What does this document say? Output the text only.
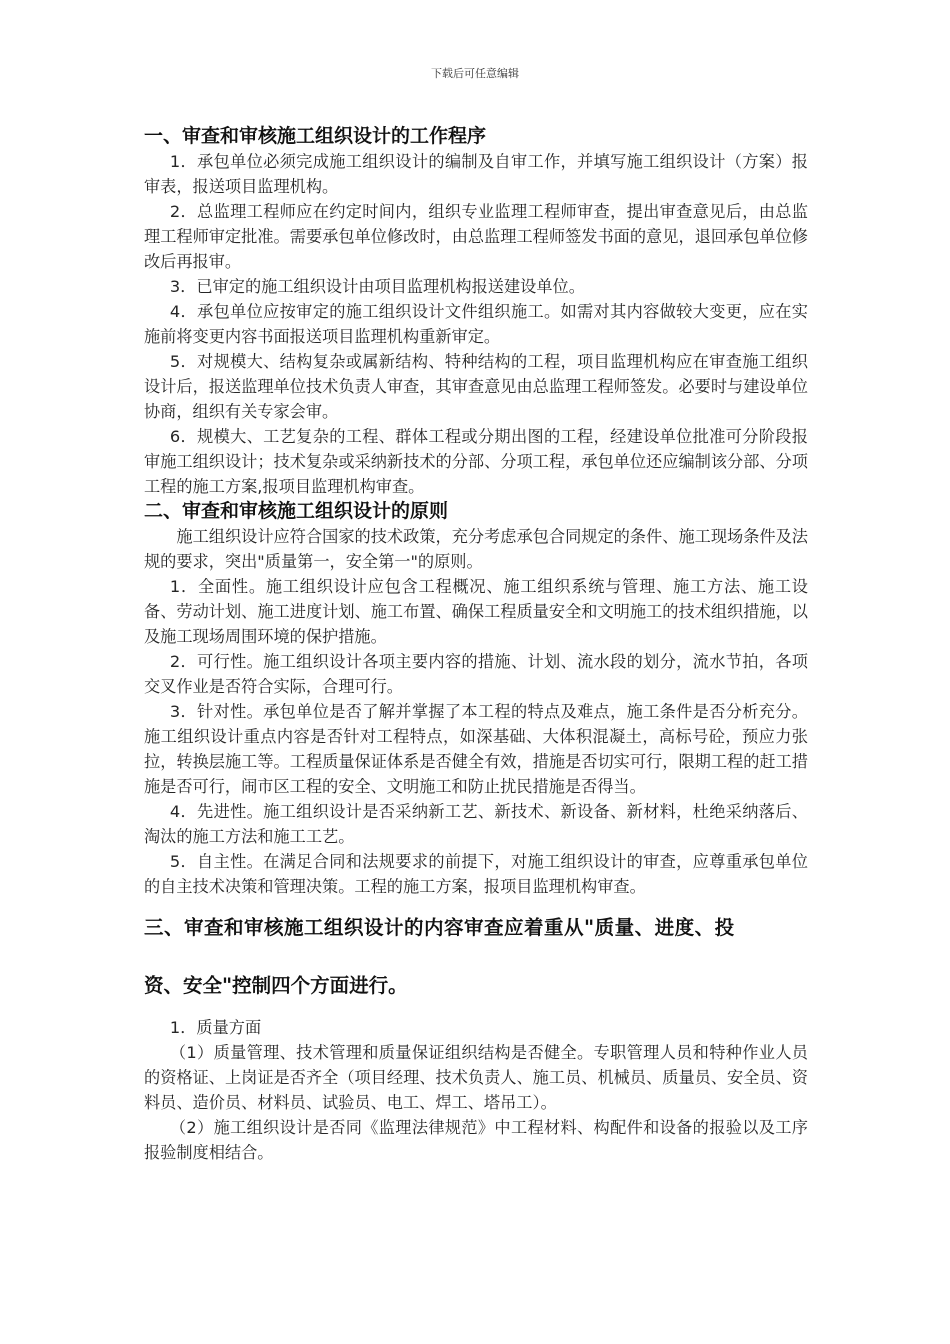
下载后可任意编辑
一、审查和审核施工组织设计的工作程序

1．承包单位必须完成施工组织设计的编制及自审工作，并填写施工组织设计（方案）报审表，报送项目监理机构。

2．总监理工程师应在约定时间内，组织专业监理工程师审查，提出审查意见后，由总监理工程师审定批准。需要承包单位修改时，由总监理工程师签发书面的意见，退回承包单位修改后再报审。

3．已审定的施工组织设计由项目监理机构报送建设单位。

4．承包单位应按审定的施工组织设计文件组织施工。如需对其内容做较大变更，应在实施前将变更内容书面报送项目监理机构重新审定。

5．对规模大、结构复杂或属新结构、特种结构的工程，项目监理机构应在审查施工组织设计后，报送监理单位技术负责人审查，其审查意见由总监理工程师签发。必要时与建设单位协商，组织有关专家会审。

6．规模大、工艺复杂的工程、群体工程或分期出图的工程，经建设单位批准可分阶段报审施工组织设计；技术复杂或采纳新技术的分部、分项工程，承包单位还应编制该分部、分项工程的施工方案,报项目监理机构审查。

二、审查和审核施工组织设计的原则

施工组织设计应符合国家的技术政策，充分考虑承包合同规定的条件、施工现场条件及法规的要求，突出"质量第一，安全第一"的原则。

1．全面性。施工组织设计应包含工程概况、施工组织系统与管理、施工方法、施工设备、劳动计划、施工进度计划、施工布置、确保工程质量安全和文明施工的技术组织措施，以及施工现场周围环境的保护措施。

2．可行性。施工组织设计各项主要内容的措施、计划、流水段的划分，流水节拍，各项交叉作业是否符合实际，合理可行。

3．针对性。承包单位是否了解并掌握了本工程的特点及难点，施工条件是否分析充分。施工组织设计重点内容是否针对工程特点，如深基础、大体积混凝土，高标号砼，预应力张拉，转换层施工等。工程质量保证体系是否健全有效，措施是否切实可行，限期工程的赶工措施是否可行，闹市区工程的安全、文明施工和防止扰民措施是否得当。

4．先进性。施工组织设计是否采纳新工艺、新技术、新设备、新材料，杜绝采纳落后、淘汰的施工方法和施工工艺。

5．自主性。在满足合同和法规要求的前提下，对施工组织设计的审查，应尊重承包单位的自主技术决策和管理决策。工程的施工方案，报项目监理机构审查。

三、审查和审核施工组织设计的内容审查应着重从"质量、进度、投
资、安全"控制四个方面进行。

1．质量方面

（1）质量管理、技术管理和质量保证组织结构是否健全。专职管理人员和特种作业人员的资格证、上岗证是否齐全（项目经理、技术负责人、施工员、机械员、质量员、安全员、资料员、造价员、材料员、试验员、电工、焊工、塔吊工）。

（2）施工组织设计是否同《监理法律规范》中工程材料、构配件和设备的报验以及工序报验制度相结合。
